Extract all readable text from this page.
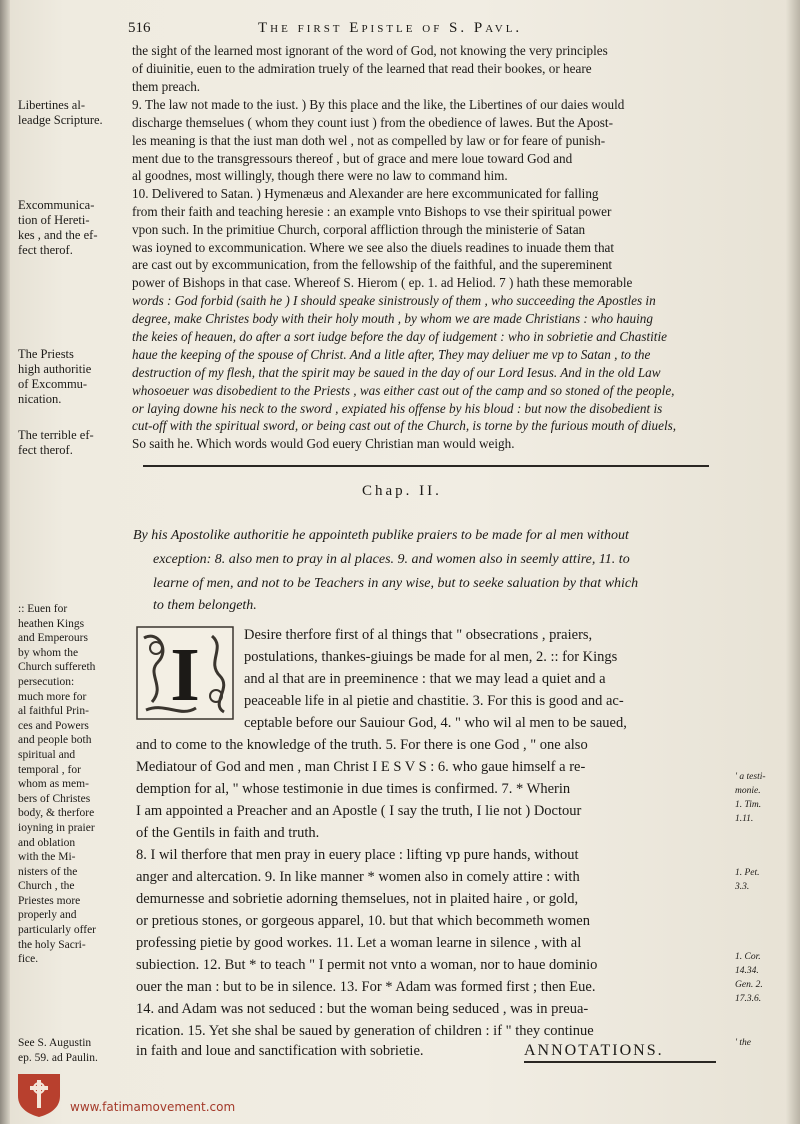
516	The first Epistle of S. Pavl.
the sight of the learned most ignorant of the word of God, not knowing the very principles
of diuinitie, euen to the admiration truely of the learned that read their bookes, or heare
them preach.
9. The law not made to the iust. ) By this place and the like, the Libertines of our daies would
discharge themselues ( whom they count iust ) from the obedience of lawes. But the Apost-
les meaning is that the iust man doth wel , not as compelled by law or for feare of punish-
ment due to the transgressours thereof , but of grace and mere loue toward God and
al goodnes, most willingly, though there were no law to command him.
10. Delivered to Satan. ) Hymenæus and Alexander are here excommunicated for falling
from their faith and teaching heresie : an example vnto Bishops to vse their spiritual power
vpon such. In the primitiue Church, corporal affliction through the ministerie of Satan
was ioyned to excommunication. Where we see also the diuels readines to inuade them that
are cast out by excommunication, from the fellowship of the faithful, and the supereminent
power of Bishops in that case. Whereof S. Hierom ( ep. 1. ad Heliod. 7 ) hath these memorable
words : God forbid (saith he ) I should speake sinistrously of them , who succeeding the Apostles in
degree, make Christes body with their holy mouth , by whom we are made Christians : who hauing
the keies of heauen, do after a sort iudge before the day of iudgement : who in sobrietie and Chastitie
haue the keeping of the spouse of Christ. And a litle after, They may deliuer me vp to Satan , to the
destruction of my flesh, that the spirit may be saued in the day of our Lord Iesus. And in the old Law
whosoeuer was disobedient to the Priests , was either cast out of the camp and so stoned of the people,
or laying downe his neck to the sword , expiated his offense by his bloud : but now the disobedient is
cut-off with the spiritual sword, or being cast out of the Church, is torne by the furious mouth of diuels,
So saith he. Which words would God euery Christian man would weigh.
Chap. II.
By his Apostolike authoritie he appointeth publike praiers to be made for al men without
exception: 8. also men to pray in al places. 9. and women also in seemly attire, 11. to
learne of men, and not to be Teachers in any wise, but to seeke saluation by that which
to them belongeth.
I	Desire therfore first of al things that " obsecrations , praiers,
postulations, thankes-giuings be made for al men, 2. :: for Kings
and al that are in preeminence : that we may lead a quiet and a
peaceable life in al pietie and chastitie. 3. For this is good and ac-
ceptable before our Sauiour God, 4. " who wil al men to be saued,
and to come to the knowledge of the truth. 5. For there is one God , " one also
Mediatour of God and men , man Christ I E S V S : 6. who gaue himself a re-
demption for al, " whose testimonie in due times is confirmed. 7. * Wherin
I am appointed a Preacher and an Apostle ( I say the truth, I lie not ) Doctour
of the Gentils in faith and truth.
8. I wil therfore that men pray in euery place : lifting vp pure hands, without
anger and altercation. 9. In like manner * women also in comely attire : with
demurnesse and sobrietie adorning themselues, not in plaited haire , or gold,
or pretious stones, or gorgeous apparel, 10. but that which becommeth women
professing pietie by good workes. 11. Let a woman learne in silence , with al
subiection. 12. But * to teach " I permit not vnto a woman, nor to haue dominio
ouer the man : but to be in silence. 13. For * Adam was formed first ; then Eue.
14. and Adam was not seduced : but the woman being seduced , was in preua-
rication. 15. Yet she shal be saued by generation of children : if " they continue
in faith and loue and sanctification with sobrietie.	ANNOTATIONS.
Libertines al-
leadge Scripture.
Excommunica-
tion of Hereti-
kes , and the ef-
fect therof.
The Priests
high authoritie
of Excommu-
nication.
The terrible ef-
fect therof.
:: Euen for
heathen Kings
and Emperours
by whom the
Church suffereth
persecution:
much more for
al faithful Prin-
ces and Powers
and people both
spiritual and
temporal , for
whom as mem-
bers of Christes
body, & therfore
ioyning in praier
and oblation
with the Mi-
nisters of the
Church , the
Priestes more
properly and
particularly offer
the holy Sacri-
fice.
See S. Augustin
ep. 59. ad Paulin.
' a testi-
monie.
1. Tim.
1.11.
1. Pet.
3.3.
1. Cor.
14.34.
Gen. 2.
17.3.6.
' the
www.fatimamovement.com
